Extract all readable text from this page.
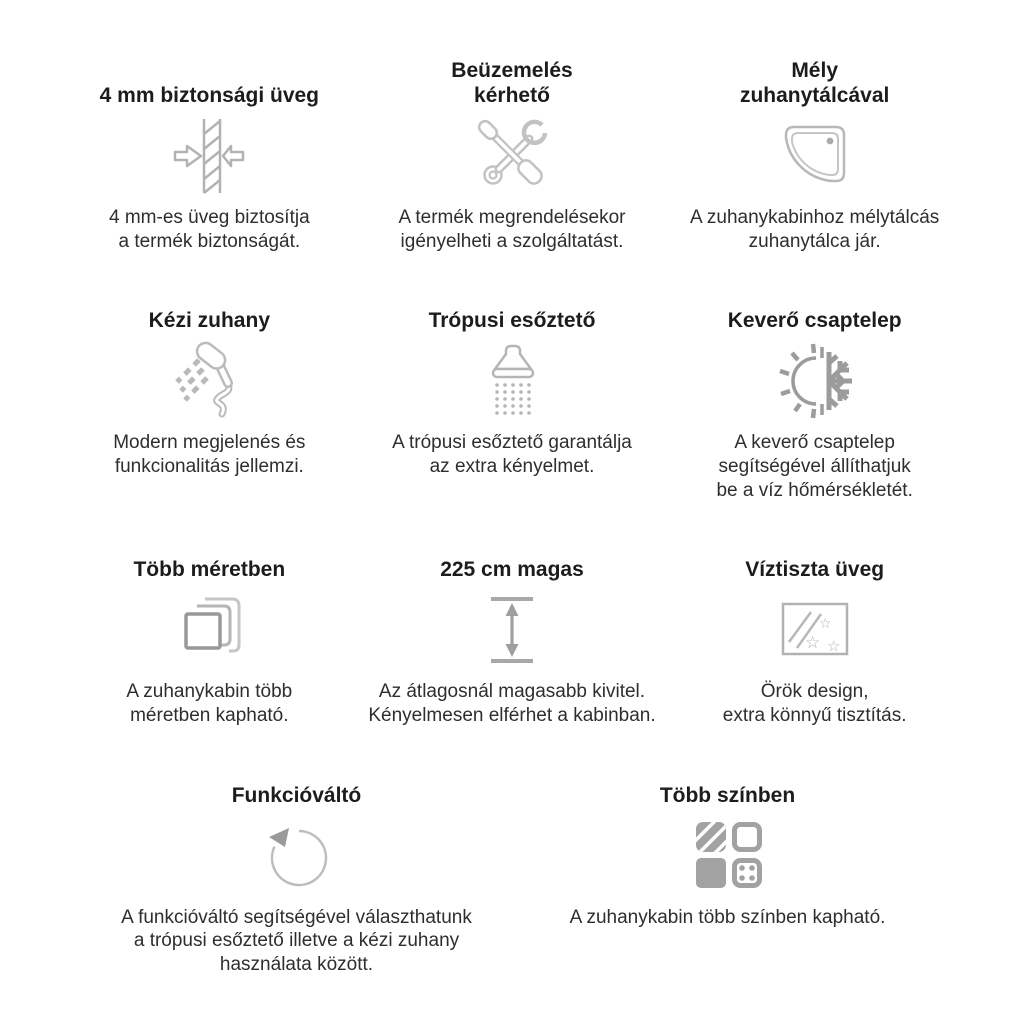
4 mm biztonsági üveg

4 mm-es üveg biztosítja
a termék biztonságát.

Beüzemelés
kérhető

A termék megrendelésekor
igényelheti a szolgáltatást.

Mély
zuhanytálcával

A zuhanykabinhoz mélytálcás
zuhanytálca jár.

Kézi zuhany

Modern megjelenés és
funkcionalitás jellemzi.

Trópusi esőztető

A trópusi esőztető garantálja
az extra kényelmet.

Keverő csaptelep

A keverő csaptelep
segítségével állíthatjuk
be a víz hőmérsékletét.

Több méretben

A zuhanykabin több
méretben kapható.

225 cm magas

Az átlagosnál magasabb kivitel.
Kényelmesen elférhet a kabinban.

Víztiszta üveg
☆
☆ ☆

Örök design,
extra könnyű tisztítás.

Funkcióváltó

A funkcióváltó segítségével választhatunk
a trópusi esőztető illetve a kézi zuhany
használata között.

Több színben

A zuhanykabin több színben kapható.
